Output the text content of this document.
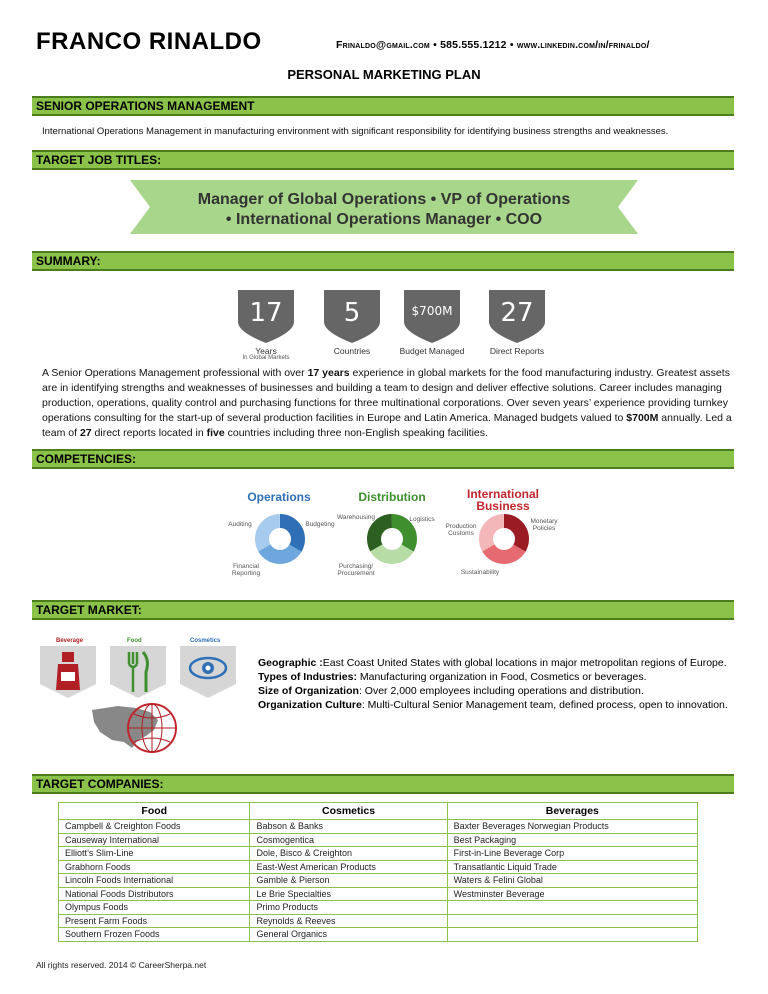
FRANCO RINALDO	Frinaldo@gmail.com • 585.555.1212 • www.linkedin.com/in/frinaldo/
PERSONAL MARKETING PLAN
SENIOR OPERATIONS MANAGEMENT
International Operations Management in manufacturing environment with significant responsibility for identifying business strengths and weaknesses.
TARGET JOB TITLES:
Manager of Global Operations • VP of Operations
• International Operations Manager • COO
SUMMARY:
17
Years
In Global Markets
5
Countries
$700M
Budget Managed
27
Direct Reports
A Senior Operations Management professional with over 17 years experience in global markets for the food manufacturing industry. Greatest assets are in identifying strengths and weaknesses of businesses and building a team to design and deliver effective solutions. Career includes managing production, operations, quality control and purchasing functions for three multinational corporations. Over seven years’ experience providing turnkey operations consulting for the start-up of several production facilities in Europe and Latin America. Managed budgets valued to $700M annually. Led a team of 27 direct reports located in five countries including three non-English speaking facilities.
COMPETENCIES:
Operations
Auditing	Budgeting
Financial Reporting
Distribution
Warehousing	Logistics
Purchasing/ Procurement
International Business
Production Customs
Monetary Policies
Sustainability
TARGET MARKET:
Beverage	Food	Cosmetics
Geographic :East Coast United States with global locations in major metropolitan regions of Europe.
Types of Industries: Manufacturing organization in Food, Cosmetics or beverages.
Size of Organization: Over 2,000 employees including operations and distribution.
Organization Culture: Multi-Cultural Senior Management team, defined process, open to innovation.
TARGET COMPANIES:
Food	Cosmetics	Beverages
Campbell & Creighton Foods	Babson & Banks	Baxter Beverages Norwegian Products
Causeway International	Cosmogentica	Best Packaging
Elliott’s Slim-Line	Dole, Bisco & Creighton	First-in-Line Beverage Corp
Grabhorn Foods	East-West American Products	Transatlantic Liquid Trade
Lincoln Foods International	Gamble & Pierson	Waters & Felini Global
National Foods Distributors	Le Brie Specialties	Westminster Beverage
Olympus Foods	Primo Products	
Present Farm Foods	Reynolds & Reeves	
Southern Frozen Foods	General Organics	
All rights reserved. 2014 © CareerSherpa.net
